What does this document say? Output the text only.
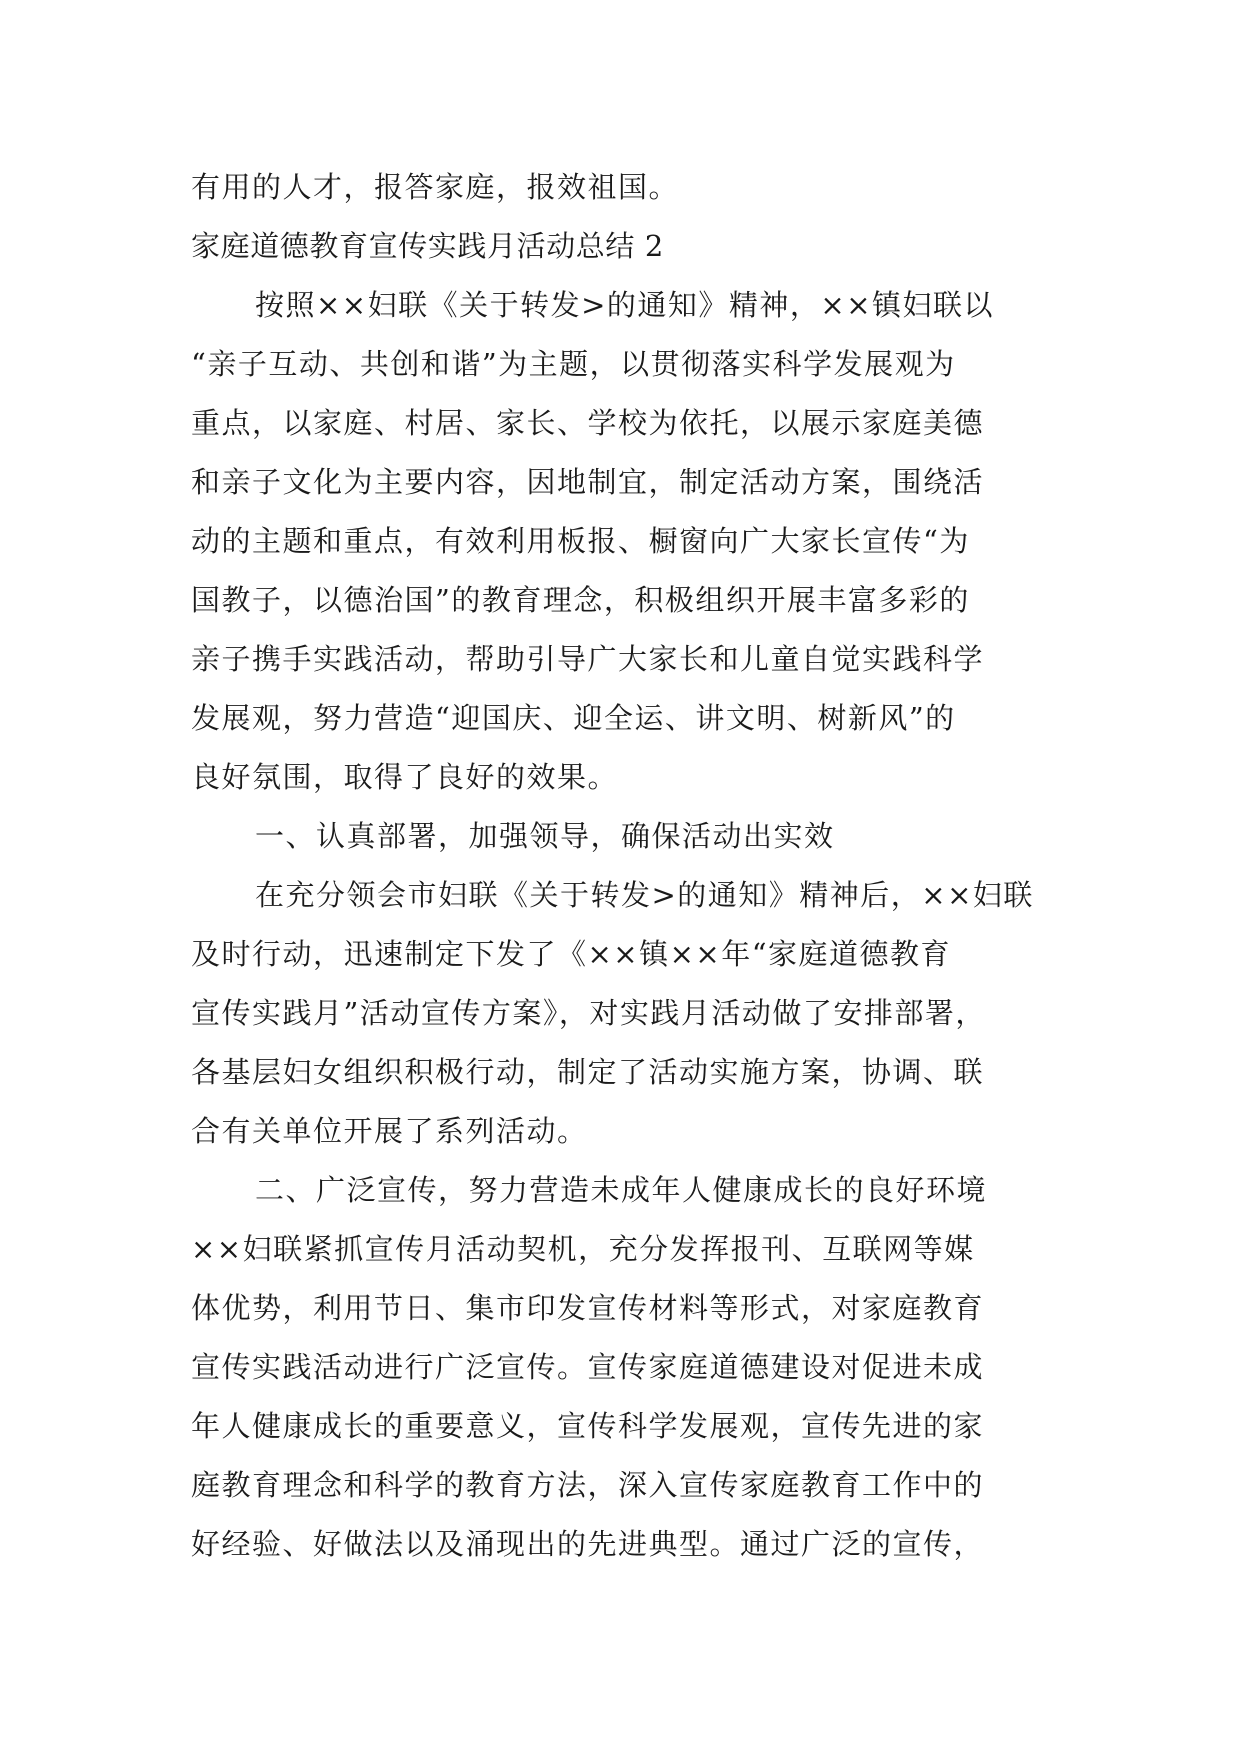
有用的人才，报答家庭，报效祖国。
家庭道德教育宣传实践月活动总结 2
按照××妇联《关于转发>的通知》精神，××镇妇联以
“亲子互动、共创和谐”为主题，以贯彻落实科学发展观为
重点，以家庭、村居、家长、学校为依托，以展示家庭美德
和亲子文化为主要内容，因地制宜，制定活动方案，围绕活
动的主题和重点，有效利用板报、橱窗向广大家长宣传“为
国教子，以德治国”的教育理念，积极组织开展丰富多彩的
亲子携手实践活动，帮助引导广大家长和儿童自觉实践科学
发展观，努力营造“迎国庆、迎全运、讲文明、树新风”的
良好氛围，取得了良好的效果。
一、认真部署，加强领导，确保活动出实效
在充分领会市妇联《关于转发>的通知》精神后，××妇联
及时行动，迅速制定下发了《××镇××年“家庭道德教育
宣传实践月”活动宣传方案》，对实践月活动做了安排部署，
各基层妇女组织积极行动，制定了活动实施方案，协调、联
合有关单位开展了系列活动。
二、广泛宣传，努力营造未成年人健康成长的良好环境
××妇联紧抓宣传月活动契机，充分发挥报刊、互联网等媒
体优势，利用节日、集市印发宣传材料等形式，对家庭教育
宣传实践活动进行广泛宣传。宣传家庭道德建设对促进未成
年人健康成长的重要意义，宣传科学发展观，宣传先进的家
庭教育理念和科学的教育方法，深入宣传家庭教育工作中的
好经验、好做法以及涌现出的先进典型。通过广泛的宣传，
